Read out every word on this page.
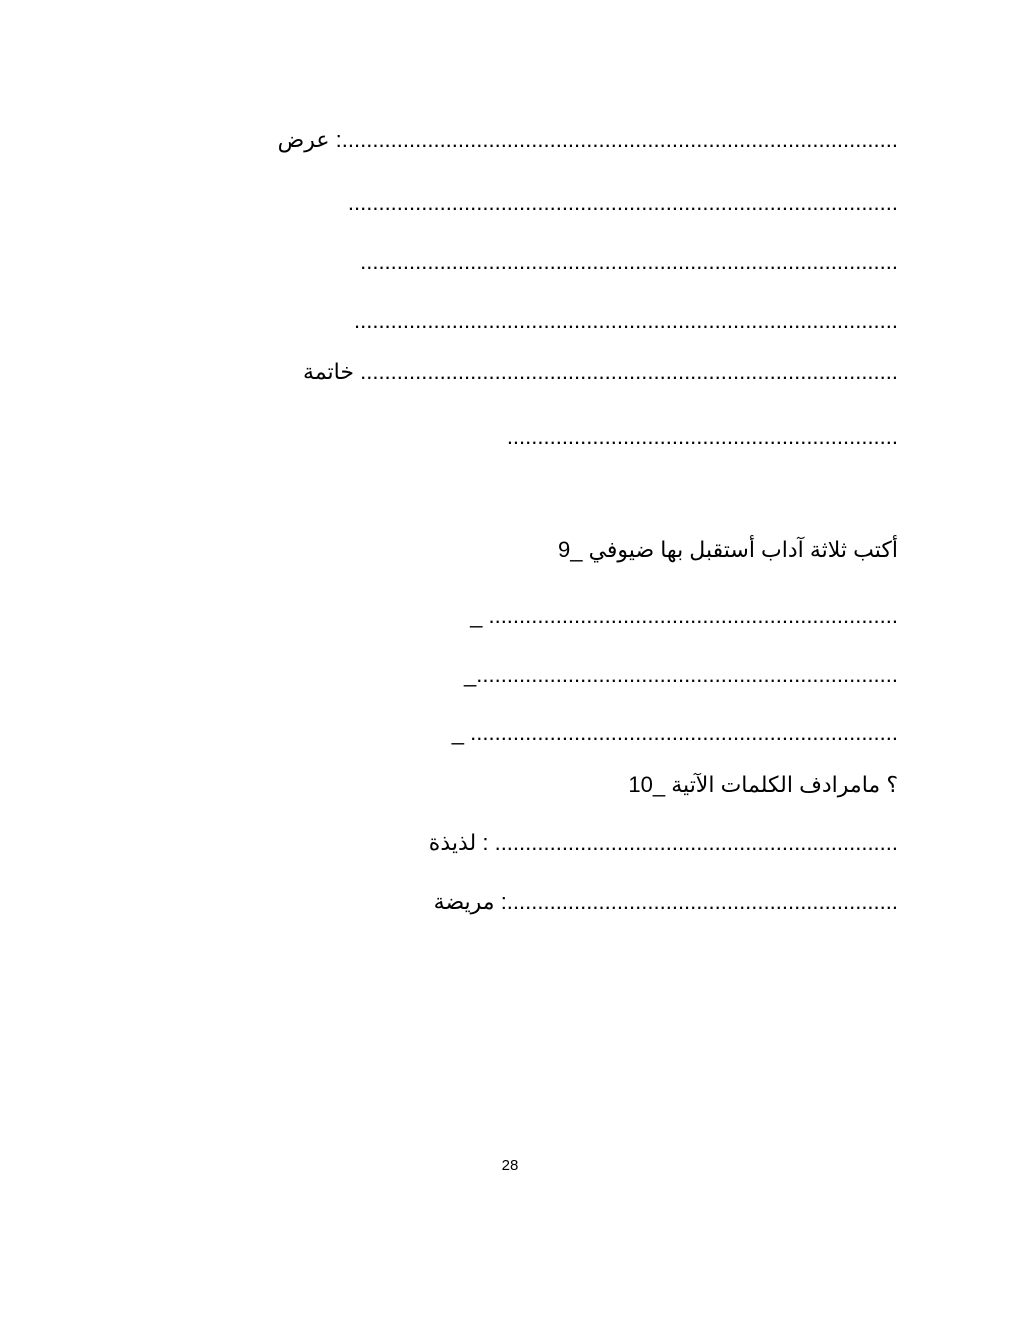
عرض :...........................................................................................
..........................................................................................
........................................................................................
.........................................................................................
خاتمة ........................................................................................
................................................................
أكتب ثلاثة آداب أستقبل بها ضيوفي _9
_ ...................................................................
_.....................................................................
_ ......................................................................
؟ مامرادف الكلمات الآتية _10
لذيذة : ..................................................................
مريضة :................................................................
28
